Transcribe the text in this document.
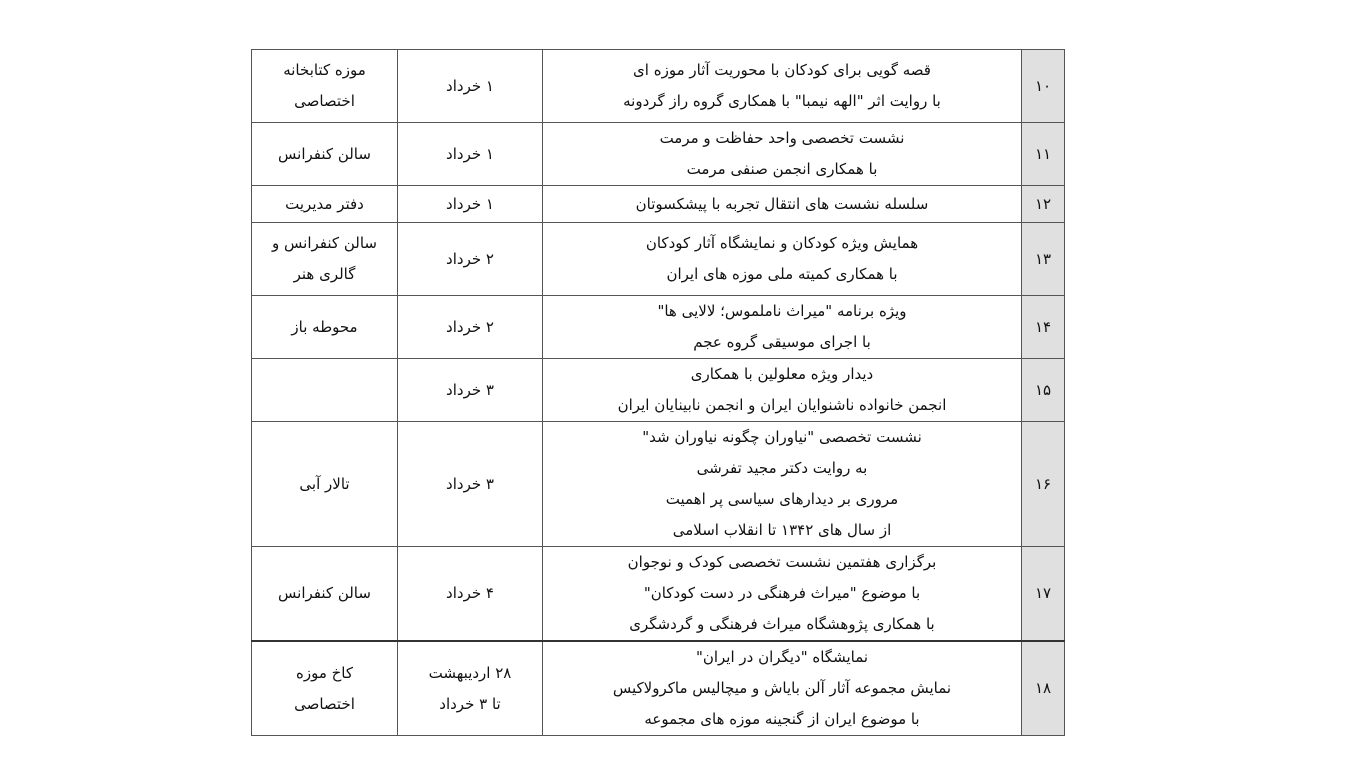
۱۰	قصه گویی برای کودکان با محوریت آثار موزه ای
با روایت اثر "الهه نیمبا" با همکاری گروه راز گردونه	۱ خرداد	موزه کتابخانه
اختصاصی

۱۱	نشست تخصصی واحد حفاظت و مرمت
با همکاری انجمن صنفی مرمت	۱ خرداد	سالن کنفرانس

۱۲	سلسله نشست های انتقال تجربه با پیشکسوتان	۱ خرداد	دفتر مدیریت

۱۳	همایش ویژه کودکان و نمایشگاه آثار کودکان
با همکاری کمیته ملی موزه های ایران	۲ خرداد	سالن کنفرانس و
گالری هنر

۱۴	ویژه برنامه "میراث ناملموس؛ لالایی ها"
با اجرای موسیقی گروه عجم	۲ خرداد	محوطه باز

۱۵	دیدار ویژه معلولین با همکاری
انجمن خانواده ناشنوایان ایران و انجمن نابینایان ایران	۳ خرداد	

۱۶	نشست تخصصی "نیاوران چگونه نیاوران شد"
به روایت دکتر مجید تفرشی
مروری بر دیدارهای سیاسی پر اهمیت
از سال های ۱۳۴۲ تا انقلاب اسلامی	۳ خرداد	تالار آبی

۱۷	برگزاری هفتمین نشست تخصصی کودک و نوجوان
با موضوع "میراث فرهنگی در دست کودکان"
با همکاری پژوهشگاه میراث فرهنگی و گردشگری	۴ خرداد	سالن کنفرانس

۱۸	نمایشگاه "دیگران در ایران"
نمایش مجموعه آثار آلن بایاش و میچالیس ماکرولاکیس
با موضوع ایران از گنجینه موزه های مجموعه	۲۸ اردیبهشت
تا ۳ خرداد	کاخ موزه
اختصاصی
